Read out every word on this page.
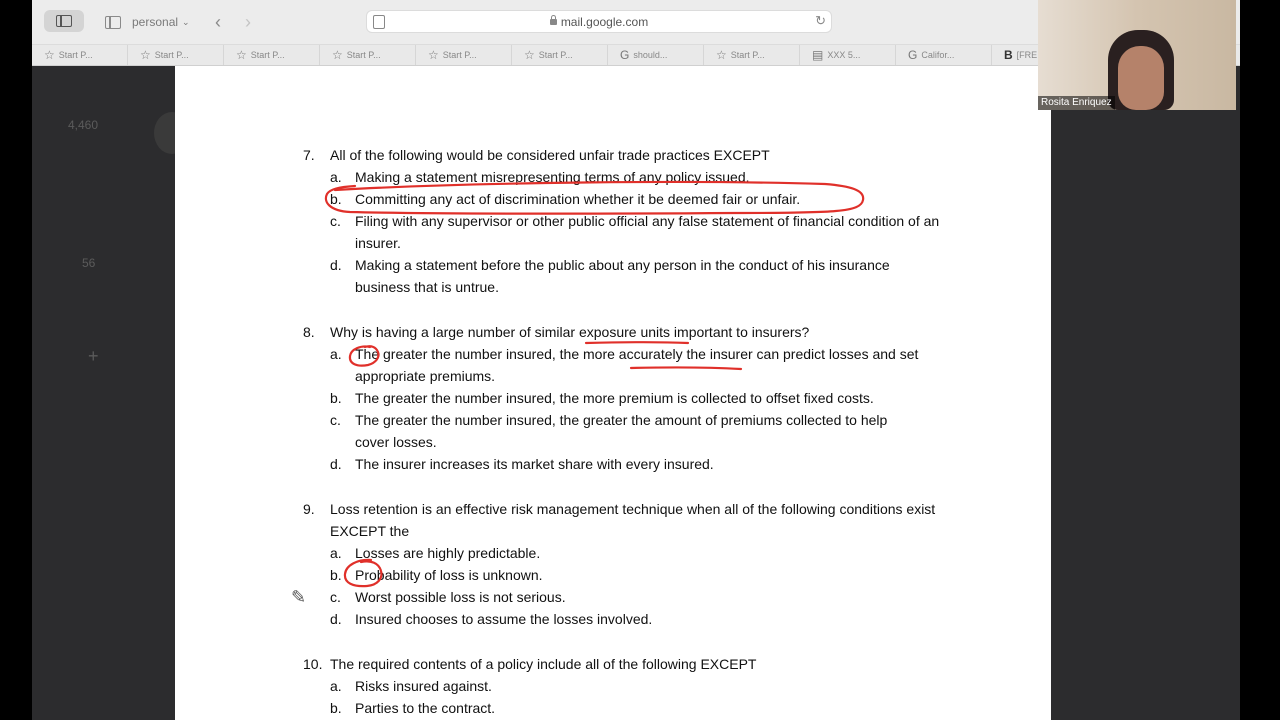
personal ⌄ ‹ ›	mail.google.com	↻
☆ Start P...	☆ Start P...	☆ Start P...	☆ Start P...	☆ Start P...	☆ Start P...	G should...	☆ Start P...	▤ XXX 5...	G Califor...	B [FRE
4,460
56
+
7. All of the following would be considered unfair trade practices EXCEPT
a. Making a statement misrepresenting terms of any policy issued.
b. Committing any act of discrimination whether it be deemed fair or unfair.
c. Filing with any supervisor or other public official any false statement of financial condition of an insurer.
d. Making a statement before the public about any person in the conduct of his insurance business that is untrue.
8. Why is having a large number of similar exposure units important to insurers?
a. The greater the number insured, the more accurately the insurer can predict losses and set appropriate premiums.
b. The greater the number insured, the more premium is collected to offset fixed costs.
c. The greater the number insured, the greater the amount of premiums collected to help cover losses.
d. The insurer increases its market share with every insured.
9. Loss retention is an effective risk management technique when all of the following conditions exist EXCEPT the
a. Losses are highly predictable.
b. Probability of loss is unknown.
c. Worst possible loss is not serious.
d. Insured chooses to assume the losses involved.
10. The required contents of a policy include all of the following EXCEPT
a. Risks insured against.
b. Parties to the contract.
✎
Rosita Enriquez
